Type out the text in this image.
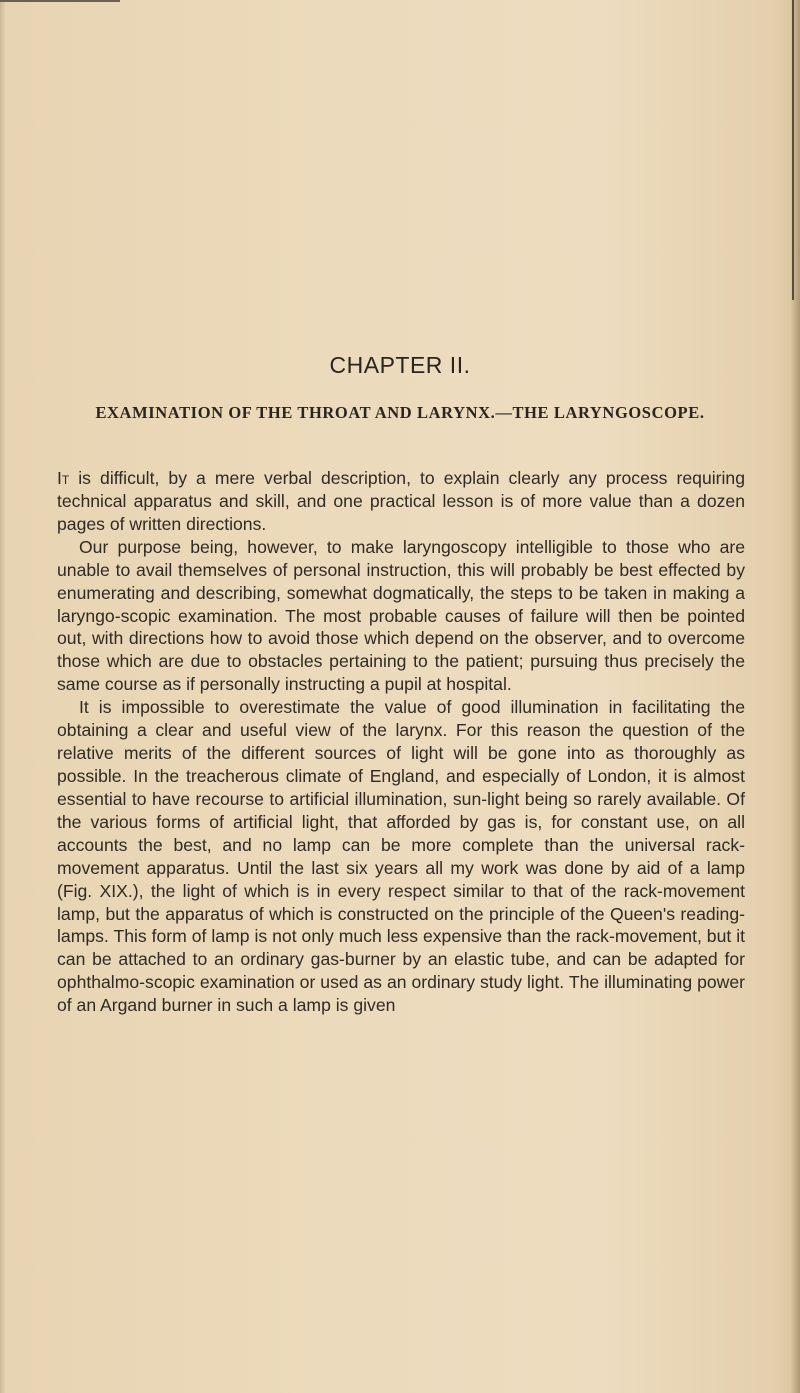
CHAPTER II.
EXAMINATION OF THE THROAT AND LARYNX.—THE LARYNGOSCOPE.

It is difficult, by a mere verbal description, to explain clearly any process requiring technical apparatus and skill, and one practical lesson is of more value than a dozen pages of written directions.

Our purpose being, however, to make laryngoscopy intelligible to those who are unable to avail themselves of personal instruction, this will probably be best effected by enumerating and describing, somewhat dogmatically, the steps to be taken in making a laryngo-scopic examination. The most probable causes of failure will then be pointed out, with directions how to avoid those which depend on the observer, and to overcome those which are due to obstacles pertaining to the patient; pursuing thus precisely the same course as if personally instructing a pupil at hospital.

It is impossible to overestimate the value of good illumination in facilitating the obtaining a clear and useful view of the larynx. For this reason the question of the relative merits of the different sources of light will be gone into as thoroughly as possible. In the treacherous climate of England, and especially of London, it is almost essential to have recourse to artificial illumination, sun-light being so rarely available. Of the various forms of artificial light, that afforded by gas is, for constant use, on all accounts the best, and no lamp can be more complete than the universal rack-movement apparatus. Until the last six years all my work was done by aid of a lamp (Fig. XIX.), the light of which is in every respect similar to that of the rack-movement lamp, but the apparatus of which is constructed on the principle of the Queen's reading-lamps. This form of lamp is not only much less expensive than the rack-movement, but it can be attached to an ordinary gas-burner by an elastic tube, and can be adapted for ophthalmo-scopic examination or used as an ordinary study light. The illuminating power of an Argand burner in such a lamp is given
